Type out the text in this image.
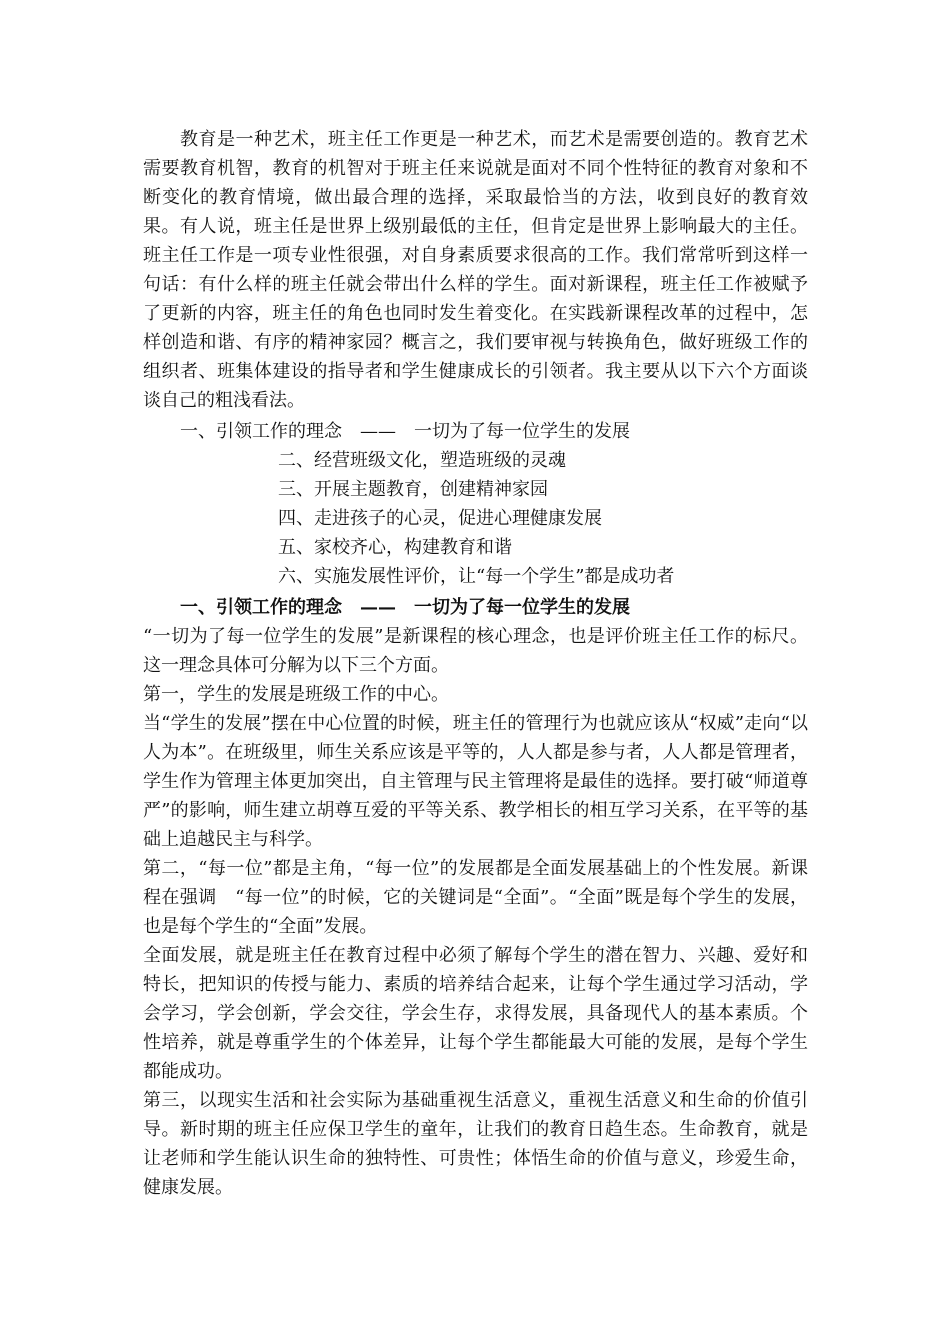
教育是一种艺术，班主任工作更是一种艺术，而艺术是需要创造的。教育艺术需要教育机智，教育的机智对于班主任来说就是面对不同个性特征的教育对象和不断变化的教育情境，做出最合理的选择，采取最恰当的方法，收到良好的教育效果。有人说，班主任是世界上级别最低的主任，但肯定是世界上影响最大的主任。班主任工作是一项专业性很强，对自身素质要求很高的工作。我们常常听到这样一句话：有什么样的班主任就会带出什么样的学生。面对新课程，班主任工作被赋予了更新的内容，班主任的角色也同时发生着变化。在实践新课程改革的过程中，怎样创造和谐、有序的精神家园？概言之，我们要审视与转换角色，做好班级工作的组织者、班集体建设的指导者和学生健康成长的引领者。我主要从以下六个方面谈谈自己的粗浅看法。

一、引领工作的理念　——　一切为了每一位学生的发展

二、经营班级文化，塑造班级的灵魂

三、开展主题教育，创建精神家园

四、走进孩子的心灵，促进心理健康发展

五、家校齐心，构建教育和谐

六、实施发展性评价，让“每一个学生”都是成功者

一、引领工作的理念　——　一切为了每一位学生的发展

“一切为了每一位学生的发展”是新课程的核心理念，也是评价班主任工作的标尺。这一理念具体可分解为以下三个方面。

第一，学生的发展是班级工作的中心。

当“学生的发展”摆在中心位置的时候，班主任的管理行为也就应该从“权威”走向“以人为本”。在班级里，师生关系应该是平等的，人人都是参与者，人人都是管理者，学生作为管理主体更加突出，自主管理与民主管理将是最佳的选择。要打破“师道尊严”的影响，师生建立胡尊互爱的平等关系、教学相长的相互学习关系，在平等的基础上追越民主与科学。

第二，“每一位”都是主角，“每一位”的发展都是全面发展基础上的个性发展。新课程在强调　“每一位”的时候，它的关键词是“全面”。“全面”既是每个学生的发展，也是每个学生的“全面”发展。

全面发展，就是班主任在教育过程中必须了解每个学生的潜在智力、兴趣、爱好和特长，把知识的传授与能力、素质的培养结合起来，让每个学生通过学习活动，学会学习，学会创新，学会交往，学会生存，求得发展，具备现代人的基本素质。个性培养，就是尊重学生的个体差异，让每个学生都能最大可能的发展，是每个学生都能成功。

第三，以现实生活和社会实际为基础重视生活意义，重视生活意义和生命的价值引导。新时期的班主任应保卫学生的童年，让我们的教育日趋生态。生命教育，就是让老师和学生能认识生命的独特性、可贵性；体悟生命的价值与意义，珍爱生命，健康发展。
